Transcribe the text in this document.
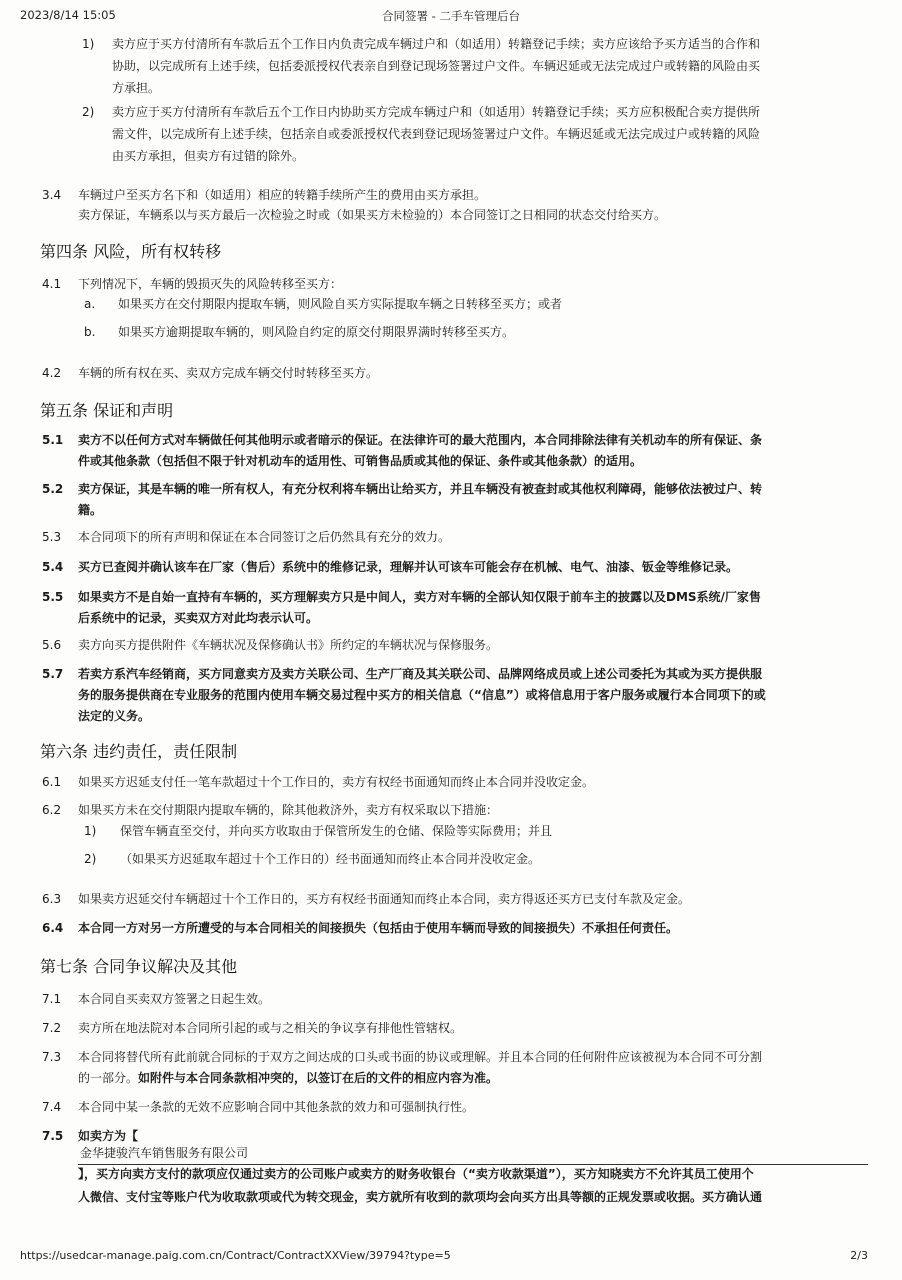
2023/8/14 15:05	合同签署 - 二手车管理后台
1) 卖方应于买方付清所有车款后五个工作日内负责完成车辆过户和（如适用）转籍登记手续；卖方应该给予买方适当的合作和
协助，以完成所有上述手续，包括委派授权代表亲自到登记现场签署过户文件。车辆迟延或无法完成过户或转籍的风险由买
方承担。
2) 卖方应于买方付清所有车款后五个工作日内协助买方完成车辆过户和（如适用）转籍登记手续；买方应积极配合卖方提供所
需文件，以完成所有上述手续，包括亲自或委派授权代表到登记现场签署过户文件。车辆迟延或无法完成过户或转籍的风险
由买方承担，但卖方有过错的除外。
3.4 车辆过户至买方名下和（如适用）相应的转籍手续所产生的费用由买方承担。
卖方保证，车辆系以与买方最后一次检验之时或（如果买方未检验的）本合同签订之日相同的状态交付给买方。
第四条 风险，所有权转移
4.1 下列情况下，车辆的毁损灭失的风险转移至买方：
a. 如果买方在交付期限内提取车辆，则风险自买方实际提取车辆之日转移至买方；或者
b. 如果买方逾期提取车辆的，则风险自约定的原交付期限界满时转移至买方。
4.2 车辆的所有权在买、卖双方完成车辆交付时转移至买方。
第五条 保证和声明
5.1 卖方不以任何方式对车辆做任何其他明示或者暗示的保证。在法律许可的最大范围内，本合同排除法律有关机动车的所有保证、条
件或其他条款（包括但不限于针对机动车的适用性、可销售品质或其他的保证、条件或其他条款）的适用。
5.2 卖方保证，其是车辆的唯一所有权人，有充分权利将车辆出让给买方，并且车辆没有被查封或其他权利障碍，能够依法被过户、转
籍。
5.3 本合同项下的所有声明和保证在本合同签订之后仍然具有充分的效力。
5.4 买方已查阅并确认该车在厂家（售后）系统中的维修记录，理解并认可该车可能会存在机械、电气、油漆、钣金等维修记录。
5.5 如果卖方不是自始一直持有车辆的，买方理解卖方只是中间人，卖方对车辆的全部认知仅限于前车主的披露以及DMS系统/厂家售
后系统中的记录，买卖双方对此均表示认可。
5.6 卖方向买方提供附件《车辆状况及保修确认书》所约定的车辆状况与保修服务。
5.7 若卖方系汽车经销商，买方同意卖方及卖方关联公司、生产厂商及其关联公司、品牌网络成员或上述公司委托为其或为买方提供服
务的服务提供商在专业服务的范围内使用车辆交易过程中买方的相关信息（“信息”）或将信息用于客户服务或履行本合同项下的或
法定的义务。
第六条 违约责任，责任限制
6.1 如果买方迟延支付任一笔车款超过十个工作日的，卖方有权经书面通知而终止本合同并没收定金。
6.2 如果买方未在交付期限内提取车辆的，除其他救济外，卖方有权采取以下措施：
1) 保管车辆直至交付，并向买方收取由于保管所发生的仓储、保险等实际费用；并且
2) （如果买方迟延取车超过十个工作日的）经书面通知而终止本合同并没收定金。
6.3 如果卖方迟延交付车辆超过十个工作日的，买方有权经书面通知而终止本合同，卖方得返还买方已支付车款及定金。
6.4 本合同一方对另一方所遭受的与本合同相关的间接损失（包括由于使用车辆而导致的间接损失）不承担任何责任。
第七条 合同争议解决及其他
7.1 本合同自买卖双方签署之日起生效。
7.2 卖方所在地法院对本合同所引起的或与之相关的争议享有排他性管辖权。
7.3 本合同将替代所有此前就合同标的于双方之间达成的口头或书面的协议或理解。并且本合同的任何附件应该被视为本合同不可分割
的一部分。如附件与本合同条款相冲突的，以签订在后的文件的相应内容为准。
7.4 本合同中某一条款的无效不应影响合同中其他条款的效力和可强制执行性。
7.5 如卖方为【
金华捷骏汽车销售服务有限公司
】，买方向卖方支付的款项应仅通过卖方的公司账户或卖方的财务收银台（“卖方收款渠道”），买方知晓卖方不允许其员工使用个
人微信、支付宝等账户代为收取款项或代为转交现金，卖方就所有收到的款项均会向买方出具等额的正规发票或收据。买方确认通
https://usedcar-manage.paig.com.cn/Contract/ContractXXView/39794?type=5	2/3
